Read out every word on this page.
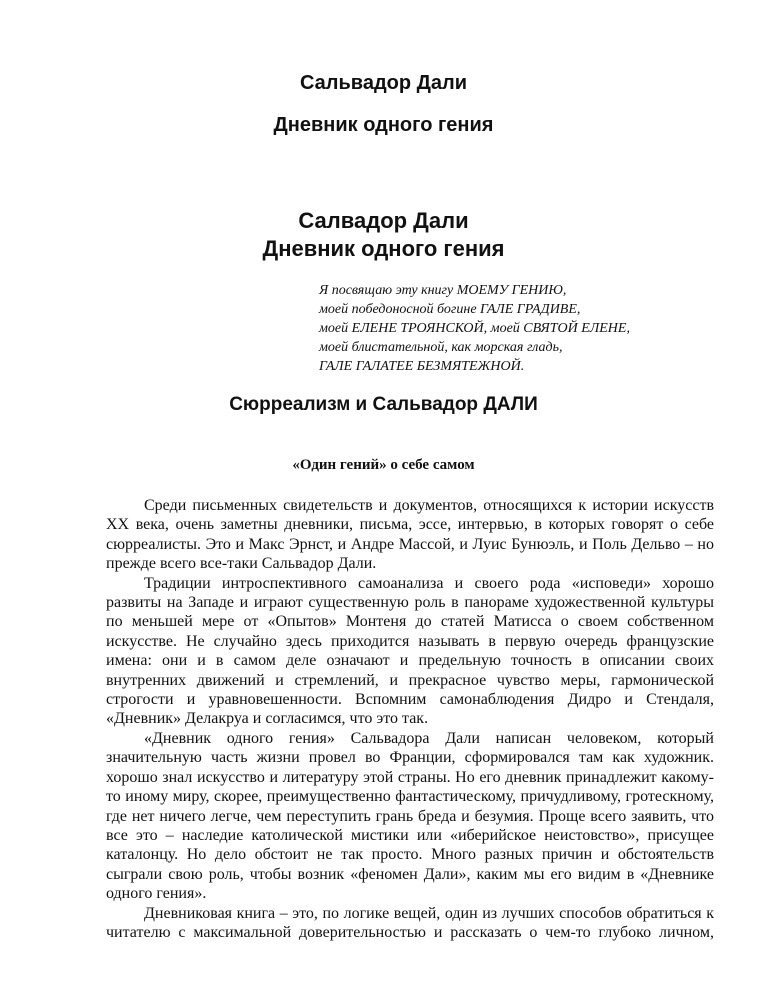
Сальвадор Дали
Дневник одного гения
Салвадор Дали
Дневник одного гения
Я посвящаю эту книгу МОЕМУ ГЕНИЮ,
моей победоносной богине ГАЛЕ ГРАДИВЕ,
моей ЕЛЕНЕ ТРОЯНСКОЙ, моей СВЯТОЙ ЕЛЕНЕ,
моей блистательной, как морская гладь,
ГАЛЕ ГАЛАТЕЕ БЕЗМЯТЕЖНОЙ.
Сюрреализм и Сальвадор ДАЛИ
«Один гений» о себе самом

Среди письменных свидетельств и документов, относящихся к истории искусств XX века, очень заметны дневники, письма, эссе, интервью, в которых говорят о себе сюрреалисты. Это и Макс Эрнст, и Андре Массой, и Луис Бунюэль, и Поль Дельво – но прежде всего все-таки Сальвадор Дали.

Традиции интроспективного самоанализа и своего рода «исповеди» хорошо развиты на Западе и играют существенную роль в панораме художественной культуры по меньшей мере от «Опытов» Монтеня до статей Матисса о своем собственном искусстве. Не случайно здесь приходится называть в первую очередь французские имена: они и в самом деле означают и предельную точность в описании своих внутренних движений и стремлений, и прекрасное чувство меры, гармонической строгости и уравновешенности. Вспомним самонаблюдения Дидро и Стендаля, «Дневник» Делакруа и согласимся, что это так.

«Дневник одного гения» Сальвадора Дали написан человеком, который значительную часть жизни провел во Франции, сформировался там как художник. хорошо знал искусство и литературу этой страны. Но его дневник принадлежит какому-то иному миру, скорее, преимущественно фантастическому, причудливому, гротескному, где нет ничего легче, чем переступить грань бреда и безумия. Проще всего заявить, что все это – наследие католической мистики или «иберийское неистовство», присущее каталонцу. Но дело обстоит не так просто. Много разных причин и обстоятельств сыграли свою роль, чтобы возник «феномен Дали», каким мы его видим в «Дневнике одного гения».

Дневниковая книга – это, по логике вещей, один из лучших способов обратиться к читателю с максимальной доверительностью и рассказать о чем-то глубоко личном,
